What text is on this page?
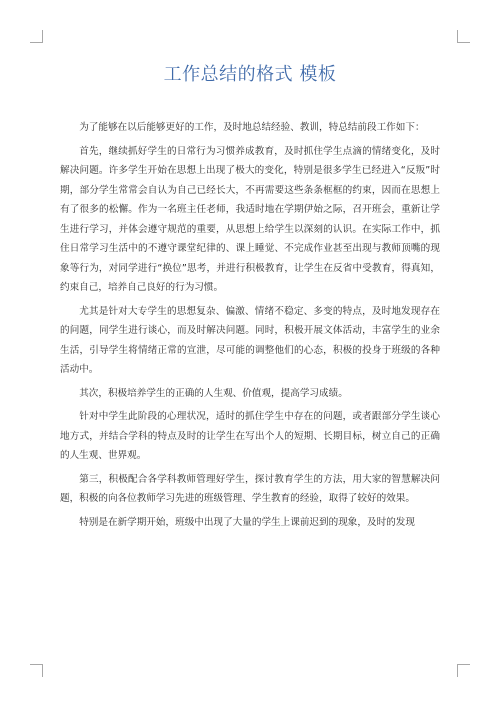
工作总结的格式 模板

为了能够在以后能够更好的工作，及时地总结经验、教训，特总结前段工作如下：

首先，继续抓好学生的日常行为习惯养成教育，及时抓住学生点滴的情绪变化，及时解决问题。许多学生开始在思想上出现了极大的变化，特别是很多学生已经进入“反叛”时期，部分学生常常会自认为自己已经长大，不再需要这些条条框框的约束，因而在思想上有了很多的松懈。作为一名班主任老师，我适时地在学期伊始之际，召开班会，重新让学生进行学习，并体会遵守规范的重要，从思想上给学生以深刻的认识。在实际工作中，抓住日常学习生活中的不遵守课堂纪律的、课上睡觉、不完成作业甚至出现与教师顶嘴的现象等行为，对同学进行“换位”思考，并进行积极教育，让学生在反省中受教育，得真知，约束自己，培养自己良好的行为习惯。

尤其是针对大专学生的思想复杂、偏激、情绪不稳定、多变的特点，及时地发现存在的问题，同学生进行谈心，而及时解决问题。同时，积极开展文体活动，丰富学生的业余生活，引导学生将情绪正常的宣泄，尽可能的调整他们的心态，积极的投身于班级的各种活动中。

其次，积极培养学生的正确的人生观、价值观，提高学习成绩。

针对中学生此阶段的心理状况，适时的抓住学生中存在的问题，或者跟部分学生谈心地方式，并结合学科的特点及时的让学生在写出个人的短期、长期目标，树立自己的正确的人生观、世界观。

第三，积极配合各学科教师管理好学生，探讨教育学生的方法，用大家的智慧解决问题，积极的向各位教师学习先进的班级管理、学生教育的经验，取得了较好的效果。

特别是在新学期开始，班级中出现了大量的学生上课前迟到的现象，及时的发现
